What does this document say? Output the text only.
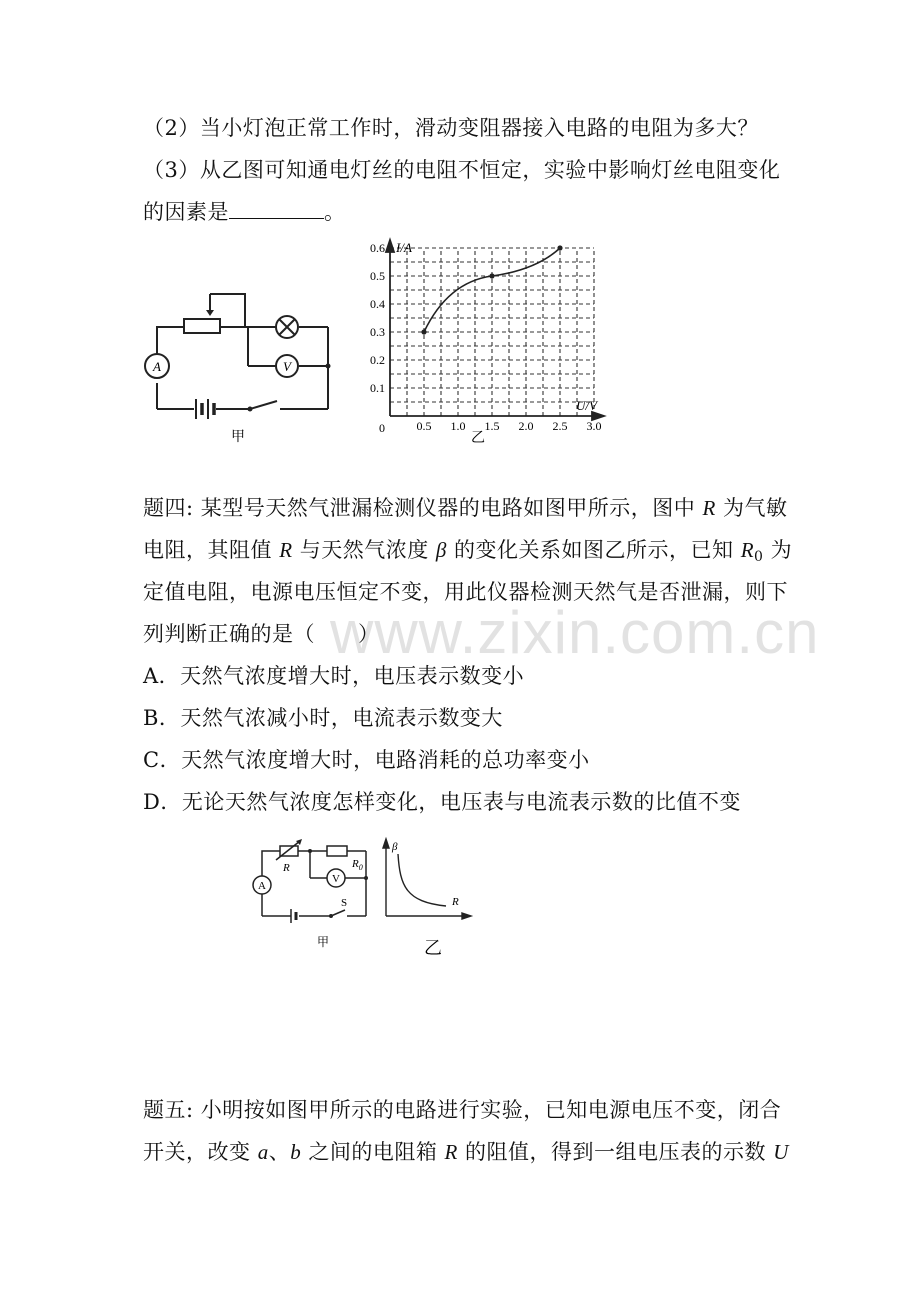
（2）当小灯泡正常工作时，滑动变阻器接入电路的电阻为多大？
（3）从乙图可知通电灯丝的电阻不恒定，实验中影响灯丝电阻变化
的因素是	。
V
A
甲
0.1
0.2
0.3
0.4
0.5
0.6
0.5 1.0 1.5 2.0 2.5 3.0
I/A
U/V
0
乙
题四: 某型号天然气泄漏检测仪器的电路如图甲所示，图中 R 为气敏
电阻，其阻值 R 与天然气浓度 β 的变化关系如图乙所示，已知 $R_0$ 为
定值电阻，电源电压恒定不变，用此仪器检测天然气是否泄漏，则下
列判断正确的是（　　）
www.zixin.com.cn
A．天然气浓度增大时，电压表示数变小
B．天然气浓减小时，电流表示数变大
C．天然气浓度增大时，电路消耗的总功率变小
D．无论天然气浓度怎样变化，电压表与电流表示数的比值不变
A
V
R	$R_0$
S
甲
β
R
乙
题五: 小明按如图甲所示的电路进行实验，已知电源电压不变，闭合
开关，改变 a、b 之间的电阻箱 R 的阻值，得到一组电压表的示数 U
